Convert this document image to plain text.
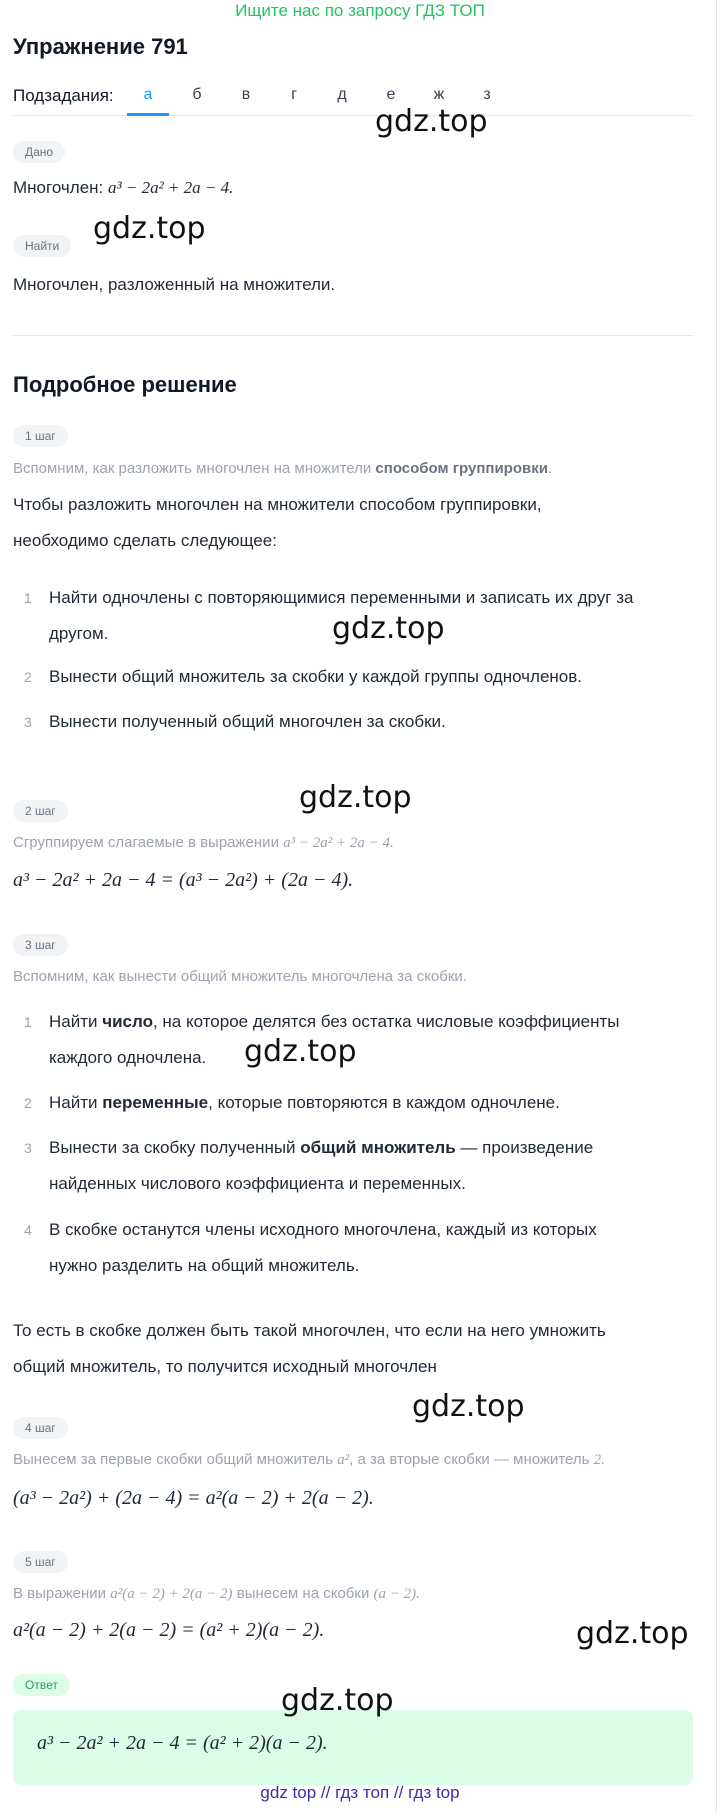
Ищите нас по запросу ГДЗ ТОП
Упражнение 791
Подзадания:	а	б	в	г	д	е	ж	з
Дано
Многочлен: a³ − 2a² + 2a − 4.
Найти
Многочлен, разложенный на множители.
Подробное решение
1 шаг
Вспомним, как разложить многочлен на множители способом группировки.
Чтобы разложить многочлен на множители способом группировки,
необходимо сделать следующее:
1	Найти одночлены с повторяющимися переменными и записать их друг за
другом.
2	Вынести общий множитель за скобки у каждой группы одночленов.
3	Вынести полученный общий многочлен за скобки.
2 шаг
Сгруппируем слагаемые в выражении a³ − 2a² + 2a − 4.
a³ − 2a² + 2a − 4 = (a³ − 2a²) + (2a − 4).
3 шаг
Вспомним, как вынести общий множитель многочлена за скобки.
1	Найти число, на которое делятся без остатка числовые коэффициенты
каждого одночлена.
2	Найти переменные, которые повторяются в каждом одночлене.
3	Вынести за скобку полученный общий множитель — произведение
найденных числового коэффициента и переменных.
4	В скобке останутся члены исходного многочлена, каждый из которых
нужно разделить на общий множитель.
То есть в скобке должен быть такой многочлен, что если на него умножить
общий множитель, то получится исходный многочлен
4 шаг
Вынесем за первые скобки общий множитель a², а за вторые скобки — множитель 2.
(a³ − 2a²) + (2a − 4) = a²(a − 2) + 2(a − 2).
5 шаг
В выражении a²(a − 2) + 2(a − 2) вынесем на скобки (a − 2).
a²(a − 2) + 2(a − 2) = (a² + 2)(a − 2).
Ответ
a³ − 2a² + 2a − 4 = (a² + 2)(a − 2).
gdz.top
gdz.top
gdz.top
gdz.top
gdz.top
gdz.top
gdz.top
gdz.top
gdz top // гдз топ // гдз top
